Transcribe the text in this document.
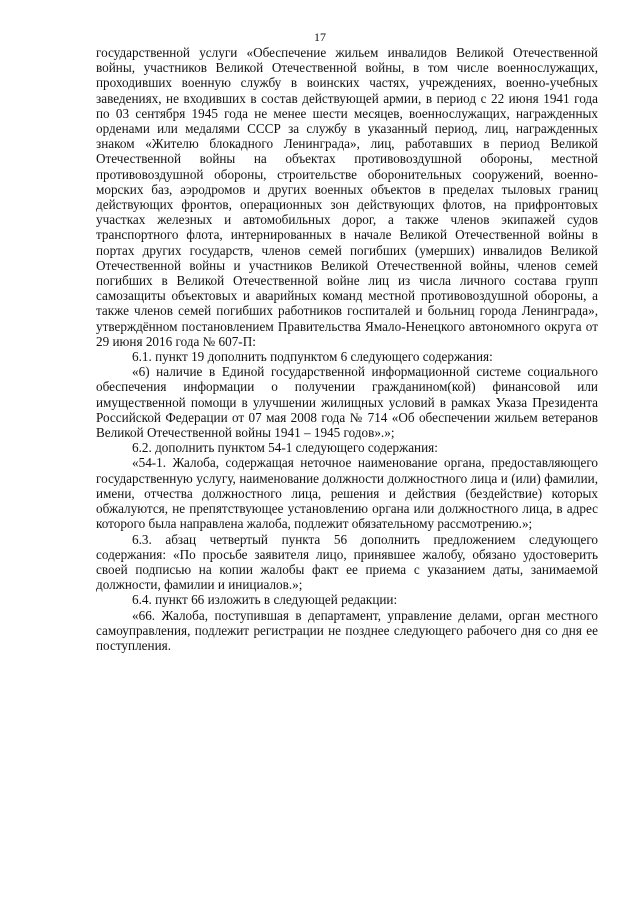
17

государственной услуги «Обеспечение жильем инвалидов Великой Отечественной войны, участников Великой Отечественной войны, в том числе военнослужащих, проходивших военную службу в воинских частях, учреждениях, военно-учебных заведениях, не входивших в состав действующей армии, в период с 22 июня 1941 года по 03 сентября 1945 года не менее шести месяцев, военнослужащих, награжденных орденами или медалями СССР за службу в указанный период, лиц, награжденных знаком «Жителю блокадного Ленинграда», лиц, работавших в период Великой Отечественной войны на объектах противовоздушной обороны, местной противовоздушной обороны, строительстве оборонительных сооружений, военно-морских баз, аэродромов и других военных объектов в пределах тыловых границ действующих фронтов, операционных зон действующих флотов, на прифронтовых участках железных и автомобильных дорог, а также членов экипажей судов транспортного флота, интернированных в начале Великой Отечественной войны в портах других государств, членов семей погибших (умерших) инвалидов Великой Отечественной войны и участников Великой Отечественной войны, членов семей погибших в Великой Отечественной войне лиц из числа личного состава групп самозащиты объектовых и аварийных команд местной противовоздушной обороны, а также членов семей погибших работников госпиталей и больниц города Ленинграда», утверждённом постановлением Правительства Ямало-Ненецкого автономного округа от 29 июня 2016 года № 607-П:

6.1. пункт 19 дополнить подпунктом 6 следующего содержания:

«6) наличие в Единой государственной информационной системе социального обеспечения информации о получении гражданином(кой) финансовой или имущественной помощи в улучшении жилищных условий в рамках Указа Президента Российской Федерации от 07 мая 2008 года № 714 «Об обеспечении жильем ветеранов Великой Отечественной войны 1941 – 1945 годов».»;

6.2. дополнить пунктом 54-1 следующего содержания:

«54-1. Жалоба, содержащая неточное наименование органа, предоставляющего государственную услугу, наименование должности должностного лица и (или) фамилии, имени, отчества должностного лица, решения и действия (бездействие) которых обжалуются, не препятствующее установлению органа или должностного лица, в адрес которого была направлена жалоба, подлежит обязательному рассмотрению.»;

6.3. абзац четвертый пункта 56 дополнить предложением следующего содержания: «По просьбе заявителя лицо, принявшее жалобу, обязано удостоверить своей подписью на копии жалобы факт ее приема с указанием даты, занимаемой должности, фамилии и инициалов.»;

6.4. пункт 66 изложить в следующей редакции:

«66. Жалоба, поступившая в департамент, управление делами, орган местного самоуправления, подлежит регистрации не позднее следующего рабочего дня со дня ее поступления.
